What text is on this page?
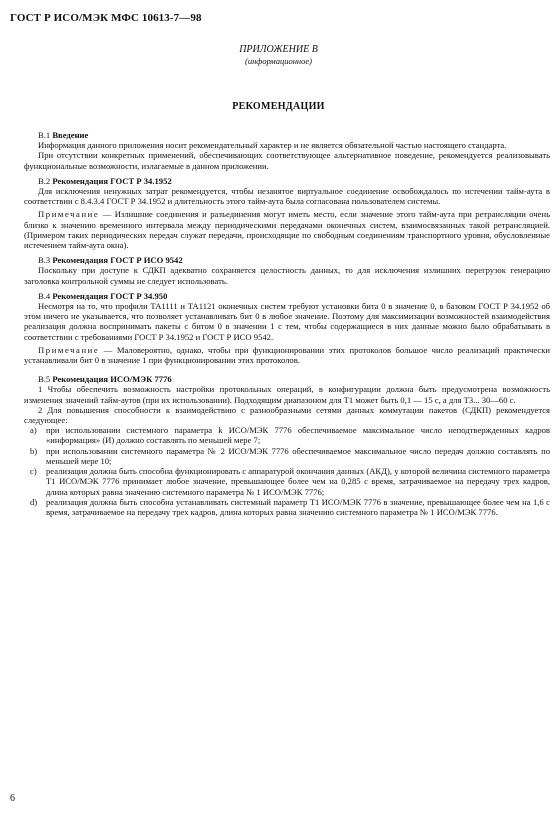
ГОСТ Р ИСО/МЭК МФС 10613-7—98
ПРИЛОЖЕНИЕ В
(информационное)
РЕКОМЕНДАЦИИ
В.1 Введение

Информация данного приложения носит рекомендательный характер и не является обязательной частью настоящего стандарта.

При отсутствии конкретных применений, обеспечивающих соответствующее альтернативное поведение, рекомендуется реализовывать функциональные возможности, излагаемые в данном приложении.

В.2 Рекомендация ГОСТ Р 34.1952

Для исключения ненужных затрат рекомендуется, чтобы незанятое виртуальное соединение освобождалось по истечении тайм-аута в соответствии с 8.4.3.4 ГОСТ Р 34.1952 и длительность этого тайм-аута была согласована пользователем системы.

Примечание — Излишние соединения и разъединения могут иметь место, если значение этого тайм-аута при ретрансляции очень близко к значению временного интервала между периодическими передачами оконечных систем, взаимосвязанных такой ретрансляцией. (Примером таких периодических передач служат передачи, происходящие по свободным соединениям транспортного уровня, обусловленные истечением тайм-аута окна).

В.3 Рекомендация ГОСТ Р ИСО 9542

Поскольку при доступе к СДКП адекватно сохраняется целостность данных, то для исключения излишних перегрузок генерацию заголовка контрольной суммы не следует использовать.

В.4 Рекомендация ГОСТ Р 34.950

Несмотря на то, что профили ТА1111 и ТА1121 оконечных систем требуют установки бита 0 в значение 0, в базовом ГОСТ Р 34.1952 об этом ничего не указывается, что позволяет устанавливать бит 0 в любое значение. Поэтому для максимизации возможностей взаимодействия реализация должна воспринимать пакеты с битом 0 в значении 1 с тем, чтобы содержащиеся в них данные можно было обрабатывать в соответствии с требованиями ГОСТ Р 34.1952 и ГОСТ Р ИСО 9542.

Примечание — Маловероятно, однако, чтобы при функционировании этих протоколов большое число реализаций практически устанавливали бит 0 в значение 1 при функционировании этих протоколов.

В.5 Рекомендация ИСО/МЭК 7776

1 Чтобы обеспечить возможность настройки протокольных операций, в конфигурации должна быть предусмотрена возможность изменения значений тайм-аутов (при их использовании). Подходящим диапазоном для Т1 может быть 0,1 — 15 с, а для Т3... 30—60 с.

2 Для повышения способности к взаимодействию с разнообразными сетями данных коммутации пакетов (СДКП) рекомендуется следующее:

a) при использовании системного параметра k ИСО/МЭК 7776 обеспечиваемое максимальное число неподтвержденных кадров «информация» (И) должно составлять по меньшей мере 7;
b) при использовании системного параметра № 2 ИСО/МЭК 7776 обеспечиваемое максимальное число передач должно составлять по меньшей мере 10;
c) реализация должна быть способна функционировать с аппаратурой окончания данных (АКД), у которой величина системного параметра Т1 ИСО/МЭК 7776 принимает любое значение, превышающее более чем на 0,285 с время, затрачиваемое на передачу трех кадров, длина которых равна значению системного параметра № 1 ИСО/МЭК 7776;
d) реализация должна быть способна устанавливать системный параметр Т1 ИСО/МЭК 7776 в значение, превышающее более чем на 1,6 с время, затрачиваемое на передачу трех кадров, длина которых равна значению системного параметра № 1 ИСО/МЭК 7776.
6
